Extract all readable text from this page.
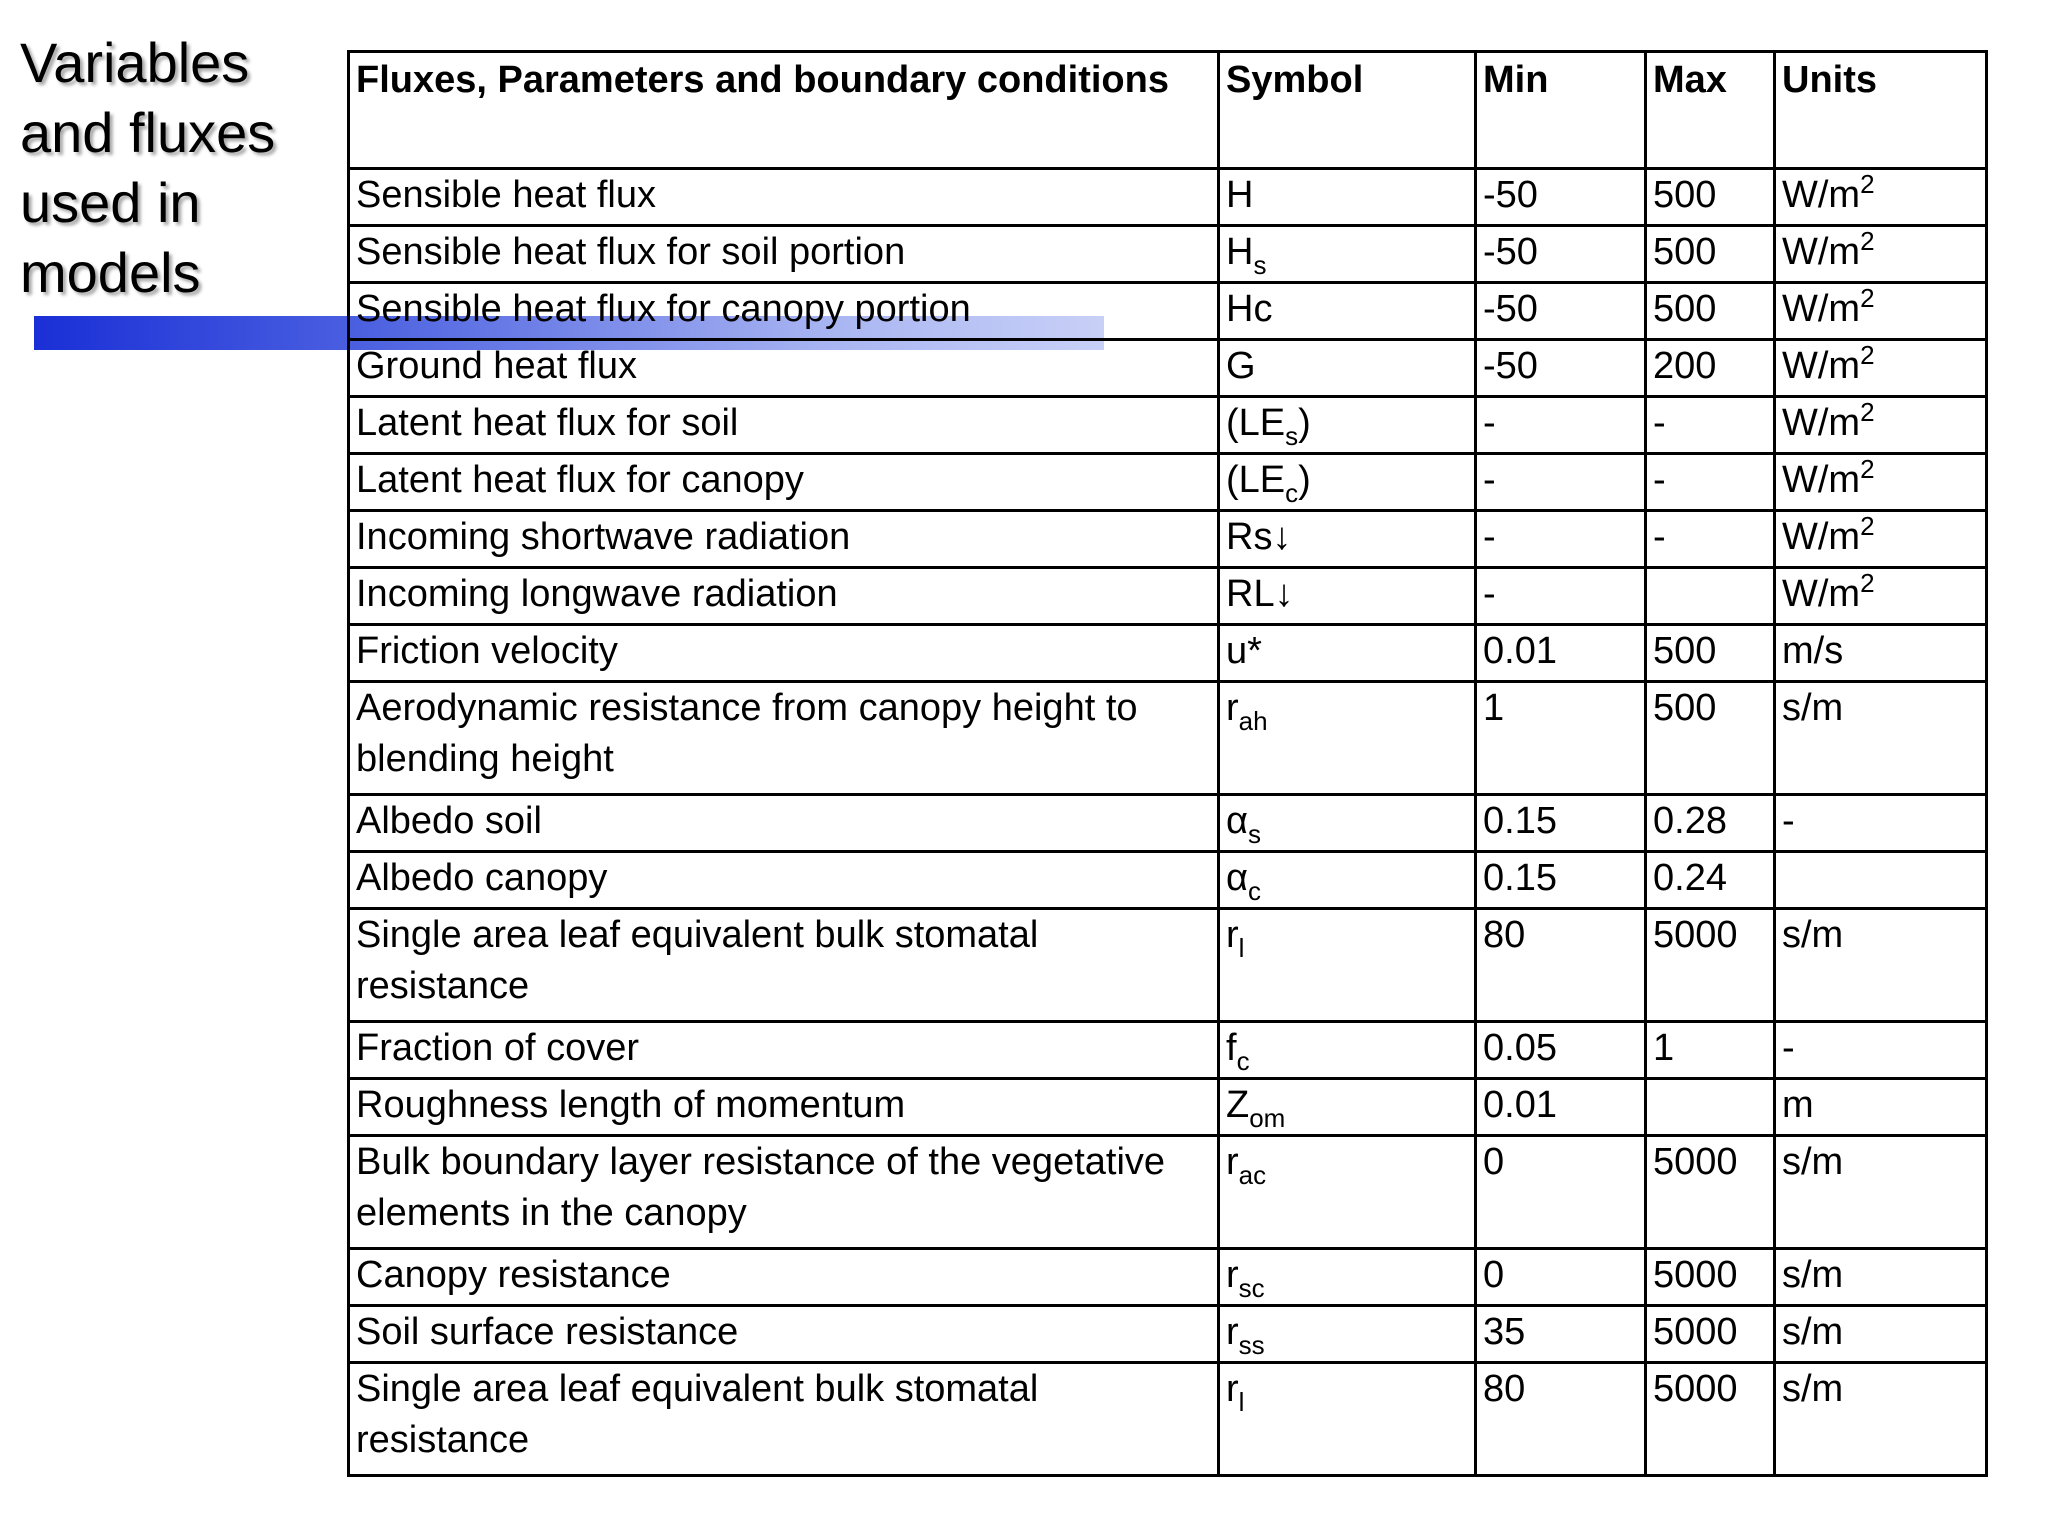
Variables and fluxes used in models
Fluxes, Parameters and boundary conditions	Symbol	Min	Max	Units
Sensible heat flux	H	-50	500	$W/m^2$
Sensible heat flux for soil portion	$H_s$	-50	500	$W/m^2$
Sensible heat flux for canopy portion	Hc	-50	500	$W/m^2$
Ground heat flux	G	-50	200	$W/m^2$
Latent heat flux for soil	$(LE_s)$	-	-	$W/m^2$
Latent heat flux for canopy	$(LE_c)$	-	-	$W/m^2$
Incoming shortwave radiation	Rs↓	-	-	$W/m^2$
Incoming longwave radiation	RL↓	-		$W/m^2$
Friction velocity	u*	0.01	500	m/s
Aerodynamic resistance from canopy height to blending height	$r_{ah}$	1	500	s/m
Albedo soil	$\alpha_s$	0.15	0.28	-
Albedo canopy	$\alpha_c$	0.15	0.24	
Single area leaf equivalent bulk stomatal resistance	$r_l$	80	5000	s/m
Fraction of cover	$f_c$	0.05	1	-
Roughness length of momentum	$Z_{om}$	0.01		m
Bulk boundary layer resistance of the vegetative elements in the canopy	$r_{ac}$	0	5000	s/m
Canopy resistance	$r_{sc}$	0	5000	s/m
Soil surface resistance	$r_{ss}$	35	5000	s/m
Single area leaf equivalent bulk stomatal resistance	$r_l$	80	5000	s/m
